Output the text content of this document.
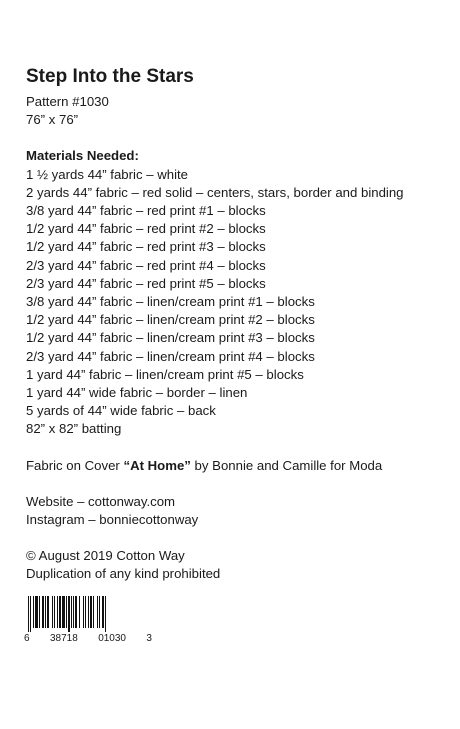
Step Into the Stars
Pattern #1030
76” x 76”
Materials Needed:
1 ½ yards 44” fabric – white
2 yards 44” fabric – red solid – centers, stars, border and binding
3/8 yard 44” fabric – red print #1 – blocks
1/2 yard 44” fabric – red print #2 – blocks
1/2 yard 44” fabric – red print #3 – blocks
2/3 yard 44” fabric – red print #4 – blocks
2/3 yard 44” fabric – red print #5 – blocks
3/8 yard 44” fabric – linen/cream print #1 – blocks
1/2 yard 44” fabric – linen/cream print #2 – blocks
1/2 yard 44” fabric – linen/cream print #3 – blocks
2/3 yard 44” fabric – linen/cream print #4 – blocks
1 yard 44” fabric – linen/cream print #5 – blocks
1 yard 44” wide fabric – border – linen
5 yards of 44” wide fabric – back
82” x 82” batting
Fabric on Cover “At Home” by Bonnie and Camille for Moda
Website – cottonway.com
Instagram – bonniecottonway
© August 2019 Cotton Way
Duplication of any kind prohibited
6 38718 01030 3
